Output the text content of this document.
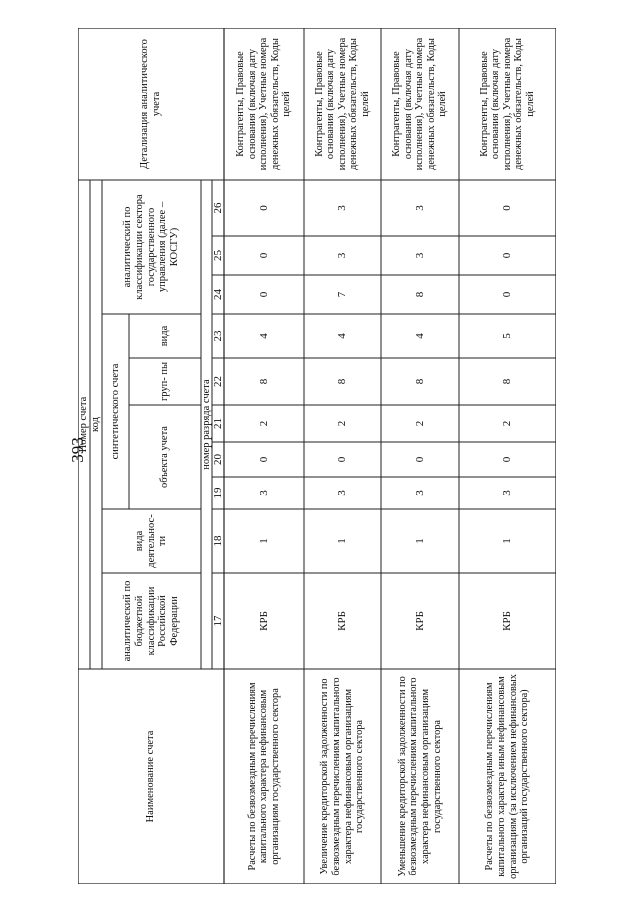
393
Наименование счета
Номер счета код
аналитический по бюджетной классификации Российской Федерации
вида деятельнос- ти
синтетического счета	объекта учета
груп- пы
вида
аналитический по классификации сектора государственного управления (далее – КОСГУ)
Детализация аналитического учета
номер разряда счета
17
18
19
20
21
22
23
24
25
26
Расчеты по безвозмездным перечислениям капитального характера нефинансовым организациям государственного сектора
КРБ
1
3
0
2
8
4
0
0
0
Контрагенты, Правовые основания (включая дату исполнения), Учетные номера денежных обязательств, Коды целей
Увеличение кредиторской задолженности по безвозмездным перечислениям капитального характера нефинансовым организациям государственного сектора
КРБ
1
3
0
2
8
4
7
3
3
Контрагенты, Правовые основания (включая дату исполнения), Учетные номера денежных обязательств, Коды целей
Уменьшение кредиторской задолженности по безвозмездным перечислениям капитального характера нефинансовым организациям государственного сектора
КРБ
1
3
0
2
8
4
8
3
3
Контрагенты, Правовые основания (включая дату исполнения), Учетные номера денежных обязательств, Коды целей
Расчеты по безвозмездным перечислениям капитального характера иным нефинансовым организациям (за исключением нефинансовых организаций государственного сектора)
КРБ
1
3
0
2
8
5
0
0
0
Контрагенты, Правовые основания (включая дату исполнения), Учетные номера денежных обязательств, Коды целей
